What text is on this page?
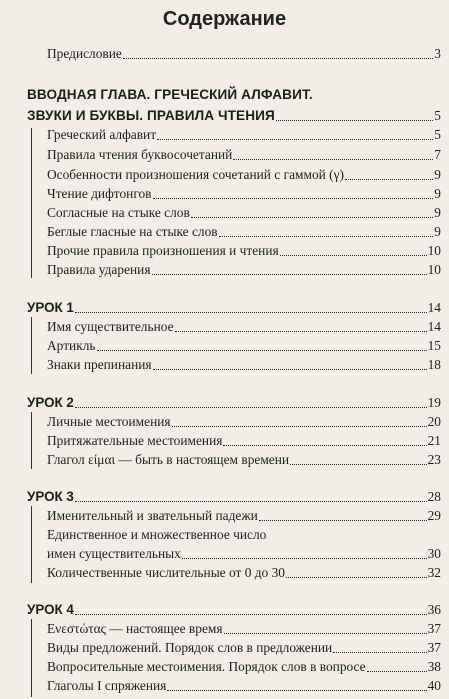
Содержание
Предисловие	3
ВВОДНАЯ ГЛАВА. ГРЕЧЕСКИЙ АЛФАВИТ.
ЗВУКИ И БУКВЫ. ПРАВИЛА ЧТЕНИЯ	5
Греческий алфавит	5
Правила чтения буквосочетаний	7
Особенности произношения сочетаний с гаммой (γ)	9
Чтение дифтонгов	9
Согласные на стыке слов	9
Беглые гласные на стыке слов	9
Прочие правила произношения и чтения	10
Правила ударения	10
УРОК 1	14
Имя существительное	14
Артикль	15
Знаки препинания	18
УРОК 2	19
Личные местоимения	20
Притяжательные местоимения	21
Глагол είμαι — быть в настоящем времени	23
УРОК 3	28
Именительный и звательный падежи	29
Единственное и множественное число
имен существительных	30
Количественные числительные от 0 до 30	32
УРОК 4	36
Ενεστώτας — настоящее время	37
Виды предложений. Порядок слов в предложении	37
Вопросительные местоимения. Порядок слов в вопросе	38
Глаголы I спряжения	40
